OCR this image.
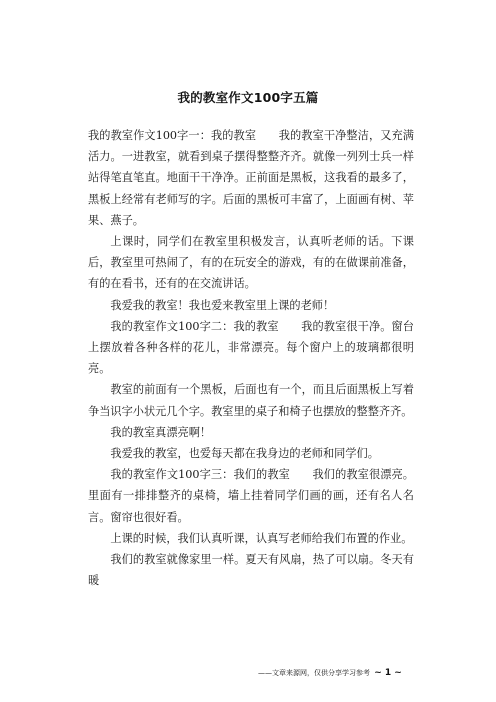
我的教室作文100字五篇

我的教室作文100字一：我的教室　　我的教室干净整洁，又充满活力。一进教室，就看到桌子摆得整整齐齐。就像一列列士兵一样站得笔直笔直。地面干干净净。正前面是黑板，这我看的最多了，黑板上经常有老师写的字。后面的黑板可丰富了，上面画有树、苹果、燕子。

上课时，同学们在教室里积极发言，认真听老师的话。下课后，教室里可热闹了，有的在玩安全的游戏，有的在做课前准备，有的在看书，还有的在交流讲话。

我爱我的教室！我也爱来教室里上课的老师！

我的教室作文100字二：我的教室　　我的教室很干净。窗台上摆放着各种各样的花儿，非常漂亮。每个窗户上的玻璃都很明亮。

教室的前面有一个黑板，后面也有一个，而且后面黑板上写着争当识字小状元几个字。教室里的桌子和椅子也摆放的整整齐齐。

我的教室真漂亮啊！

我爱我的教室，也爱每天都在我身边的老师和同学们。

我的教室作文100字三：我们的教室　　我们的教室很漂亮。里面有一排排整齐的桌椅，墙上挂着同学们画的画，还有名人名言。窗帘也很好看。

上课的时候，我们认真听课，认真写老师给我们布置的作业。

我们的教室就像家里一样。夏天有风扇，热了可以扇。冬天有暖

——文章来源网，仅供分享学习参考 ~ 1 ~
